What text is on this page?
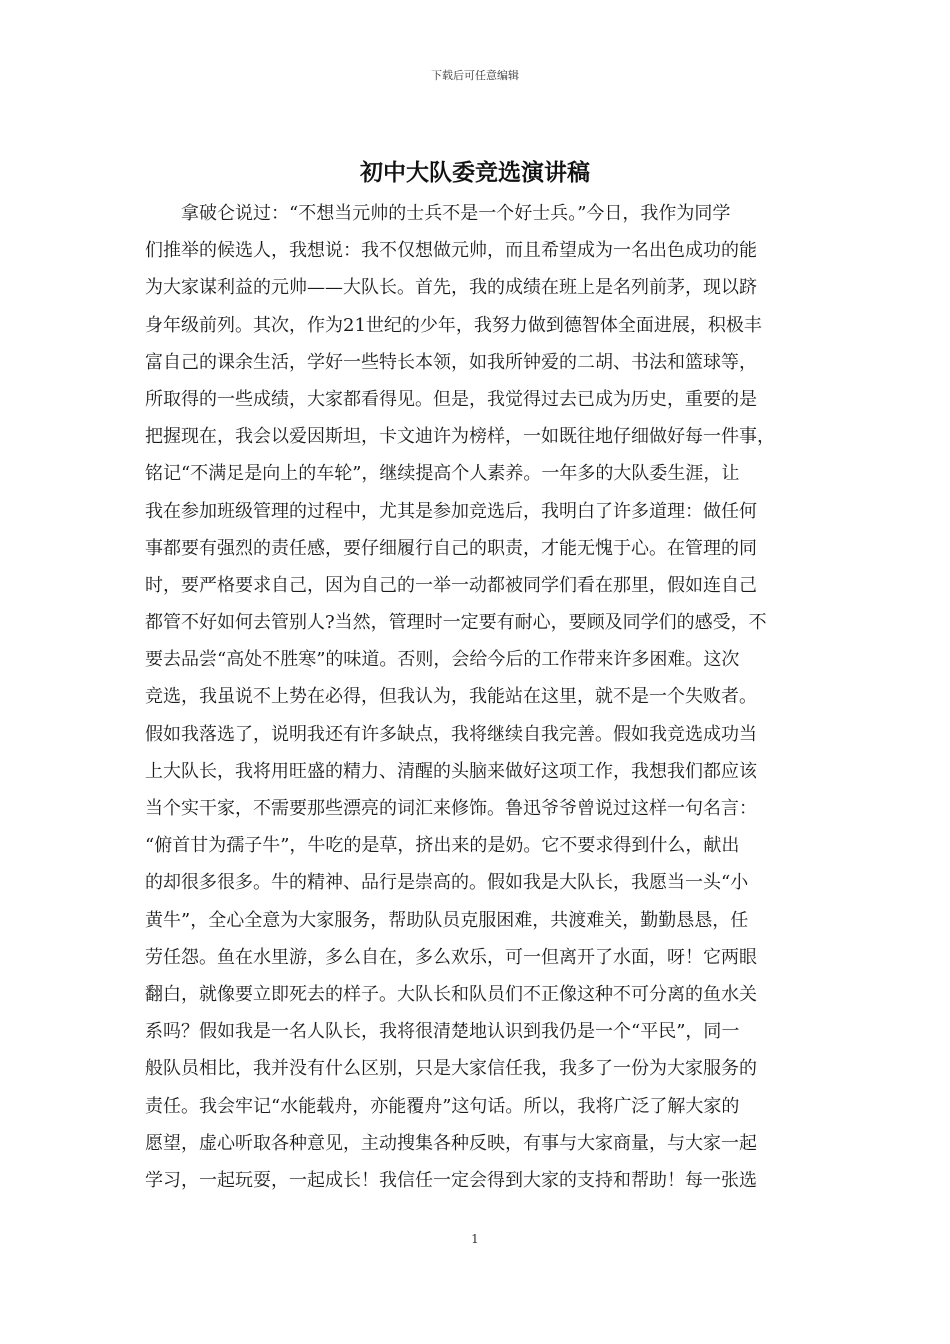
下载后可任意编辑
初中大队委竞选演讲稿
拿破仑说过：“不想当元帅的士兵不是一个好士兵。”今日，我作为同学
们推举的候选人，我想说：我不仅想做元帅，而且希望成为一名出色成功的能
为大家谋利益的元帅——大队长。首先，我的成绩在班上是名列前茅，现以跻
身年级前列。其次，作为21世纪的少年，我努力做到德智体全面进展，积极丰
富自己的课余生活，学好一些特长本领，如我所钟爱的二胡、书法和篮球等，
所取得的一些成绩，大家都看得见。但是，我觉得过去已成为历史，重要的是
把握现在，我会以爱因斯坦，卡文迪许为榜样，一如既往地仔细做好每一件事，
铭记“不满足是向上的车轮”，继续提高个人素养。一年多的大队委生涯，让
我在参加班级管理的过程中，尤其是参加竞选后，我明白了许多道理：做任何
事都要有强烈的责任感，要仔细履行自己的职责，才能无愧于心。在管理的同
时，要严格要求自己，因为自己的一举一动都被同学们看在那里，假如连自己
都管不好如何去管别人?当然，管理时一定要有耐心，要顾及同学们的感受，不
要去品尝“高处不胜寒”的味道。否则，会给今后的工作带来许多困难。这次
竞选，我虽说不上势在必得，但我认为，我能站在这里，就不是一个失败者。
假如我落选了，说明我还有许多缺点，我将继续自我完善。假如我竞选成功当
上大队长，我将用旺盛的精力、清醒的头脑来做好这项工作，我想我们都应该
当个实干家，不需要那些漂亮的词汇来修饰。鲁迅爷爷曾说过这样一句名言：
“俯首甘为孺子牛”，牛吃的是草，挤出来的是奶。它不要求得到什么，献出
的却很多很多。牛的精神、品行是崇高的。假如我是大队长，我愿当一头“小
黄牛”，全心全意为大家服务，帮助队员克服困难，共渡难关，勤勤恳恳，任
劳任怨。鱼在水里游，多么自在，多么欢乐，可一但离开了水面，呀！它两眼
翻白，就像要立即死去的样子。大队长和队员们不正像这种不可分离的鱼水关
系吗？假如我是一名人队长，我将很清楚地认识到我仍是一个“平民”，同一
般队员相比，我并没有什么区别，只是大家信任我，我多了一份为大家服务的
责任。我会牢记“水能载舟，亦能覆舟”这句话。所以，我将广泛了解大家的
愿望，虚心听取各种意见，主动搜集各种反映，有事与大家商量，与大家一起
学习，一起玩耍，一起成长！我信任一定会得到大家的支持和帮助！每一张选
1
